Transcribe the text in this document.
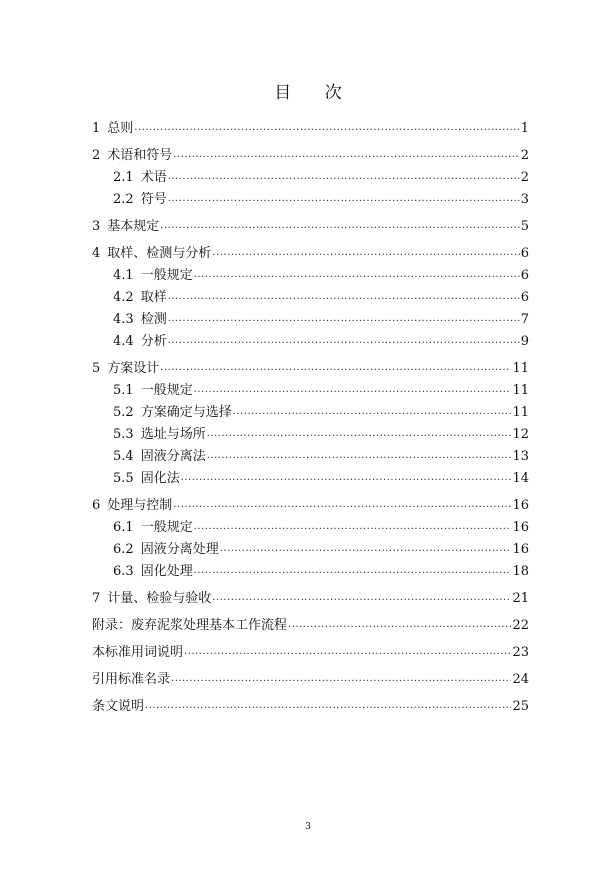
目 次
1 总则 .....	1
2 术语和符号 .....	2
2.1 术语 .....	2
2.2 符号 .....	3
3 基本规定 .....	5
4 取样、检测与分析 .....	6
4.1 一般规定 .....	6
4.2 取样 .....	6
4.3 检测 .....	7
4.4 分析 .....	9
5 方案设计 .....	11
5.1 一般规定 .....	11
5.2 方案确定与选择 .....	11
5.3 选址与场所 .....	12
5.4 固液分离法 .....	13
5.5 固化法 .....	14
6 处理与控制 .....	16
6.1 一般规定 .....	16
6.2 固液分离处理 .....	16
6.3 固化处理 .....	18
7 计量、检验与验收 .....	21
附录：废弃泥浆处理基本工作流程 .....	22
本标准用词说明 .....	23
引用标准名录 .....	24
条文说明 .....	25
3
